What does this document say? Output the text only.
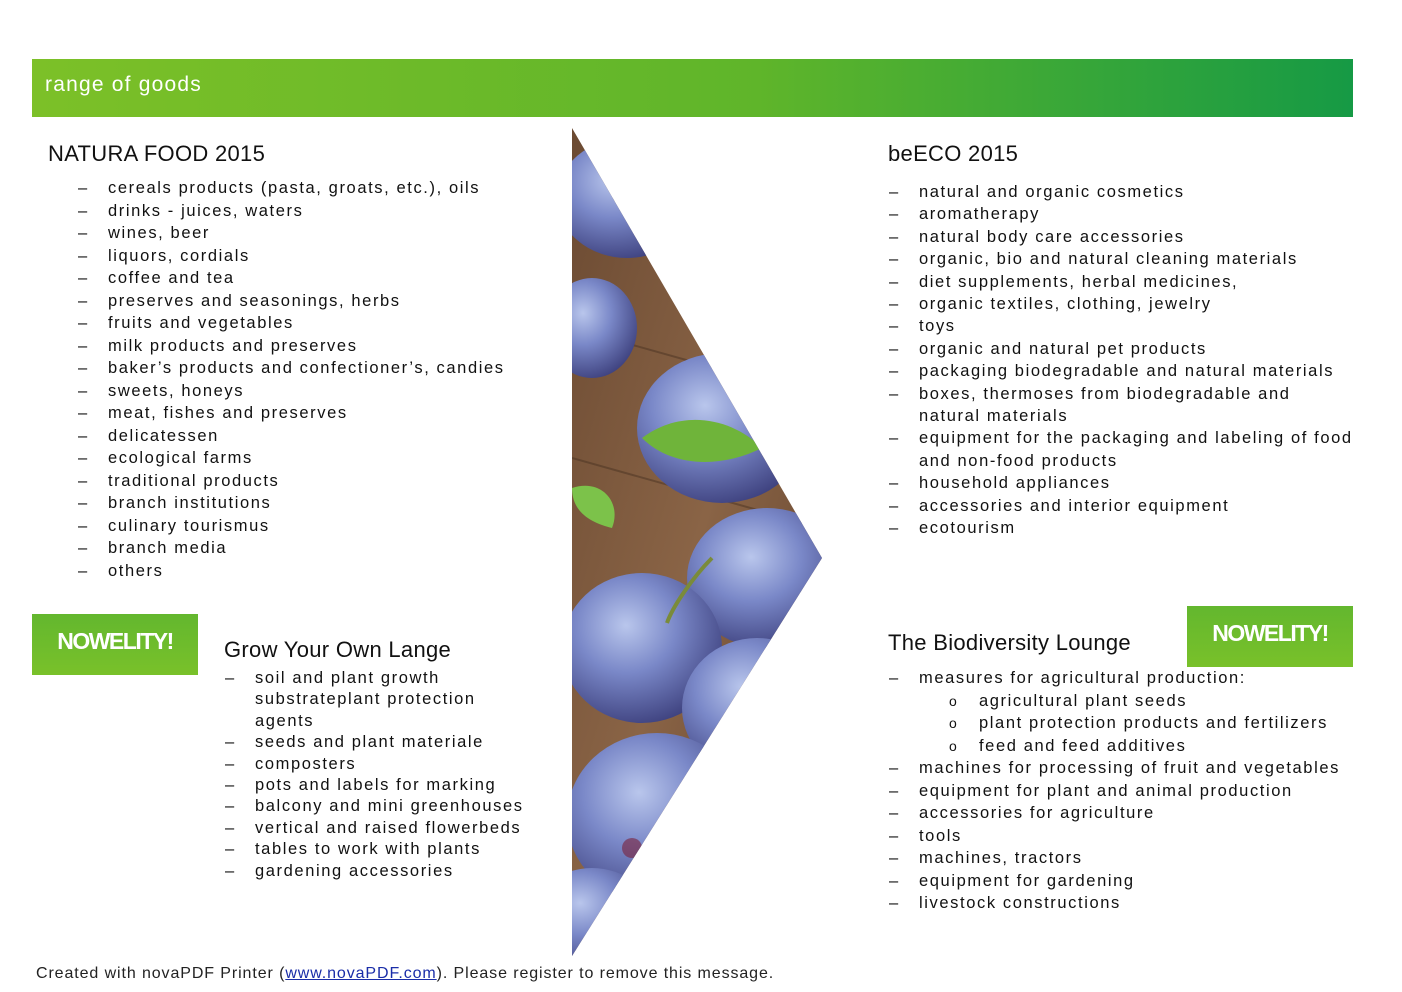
range of goods
NATURA FOOD 2015
– cereals products (pasta, groats, etc.), oils
– drinks - juices, waters
– wines, beer
– liquors, cordials
– coffee and tea
– preserves and seasonings, herbs
– fruits and vegetables
– milk products and preserves
– baker’s products and confectioner’s, candies
– sweets, honeys
– meat, fishes and preserves
– delicatessen
– ecological farms
– traditional products
– branch institutions
– culinary tourismus
– branch media
– others
NOWELITY!	Grow Your Own Lange
– soil and plant growth substrateplant protection agents
– seeds and plant materiale
– composters
– pots and labels for marking
– balcony and mini greenhouses
– vertical and raised flowerbeds
– tables to work with plants
– gardening accessories
beECO 2015
– natural and organic cosmetics
– aromatherapy
– natural body care accessories
– organic, bio and natural cleaning materials
– diet supplements, herbal medicines,
– organic textiles, clothing, jewelry
– toys
– organic and natural pet products
– packaging biodegradable and natural materials
– boxes, thermoses from biodegradable and natural materials
– equipment for the packaging and labeling of food and non-food products
– household appliances
– accessories and interior equipment
– ecotourism
The Biodiversity Lounge	NOWELITY!
– measures for agricultural production:
o agricultural plant seeds
o plant protection products and fertilizers
o feed and feed additives
– machines for processing of fruit and vegetables
– equipment for plant and animal production
– accessories for agriculture
– tools
– machines, tractors
– equipment for gardening
– livestock constructions
Created with novaPDF Printer (www.novaPDF.com). Please register to remove this message.
